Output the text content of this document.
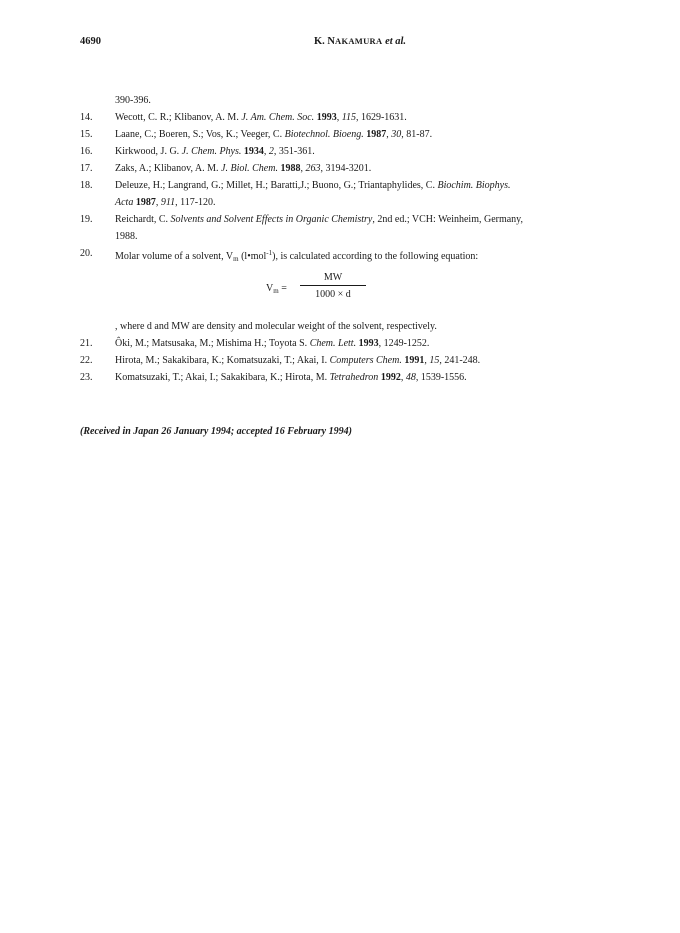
4690	K. NAKAMURA et al.
390-396.
14. Wecott, C. R.; Klibanov, A. M. J. Am. Chem. Soc. 1993, 115, 1629-1631.
15. Laane, C.; Boeren, S.; Vos, K.; Veeger, C. Biotechnol. Bioeng. 1987, 30, 81-87.
16. Kirkwood, J. G. J. Chem. Phys. 1934, 2, 351-361.
17. Zaks, A.; Klibanov, A. M. J. Biol. Chem. 1988, 263, 3194-3201.
18. Deleuze, H.; Langrand, G.; Millet, H.; Baratti,J.; Buono, G.; Triantaphylides, C. Biochim. Biophys.
Acta 1987, 911, 117-120.
19. Reichardt, C. Solvents and Solvent Effects in Organic Chemistry, 2nd ed.; VCH: Weinheim, Germany,
1988.
20. Molar volume of a solvent, $V_m$ (l•mol$^{-1}$), is calculated according to the following equation:
$V_m = \frac{MW}{1000 \times d}$
, where d and MW are density and molecular weight of the solvent, respectively.
21. Ôki, M.; Matsusaka, M.; Mishima H.; Toyota S. Chem. Lett. 1993, 1249-1252.
22. Hirota, M.; Sakakibara, K.; Komatsuzaki, T.; Akai, I. Computers Chem. 1991, 15, 241-248.
23. Komatsuzaki, T.; Akai, I.; Sakakibara, K.; Hirota, M. Tetrahedron 1992, 48, 1539-1556.
(Received in Japan 26 January 1994; accepted 16 February 1994)
